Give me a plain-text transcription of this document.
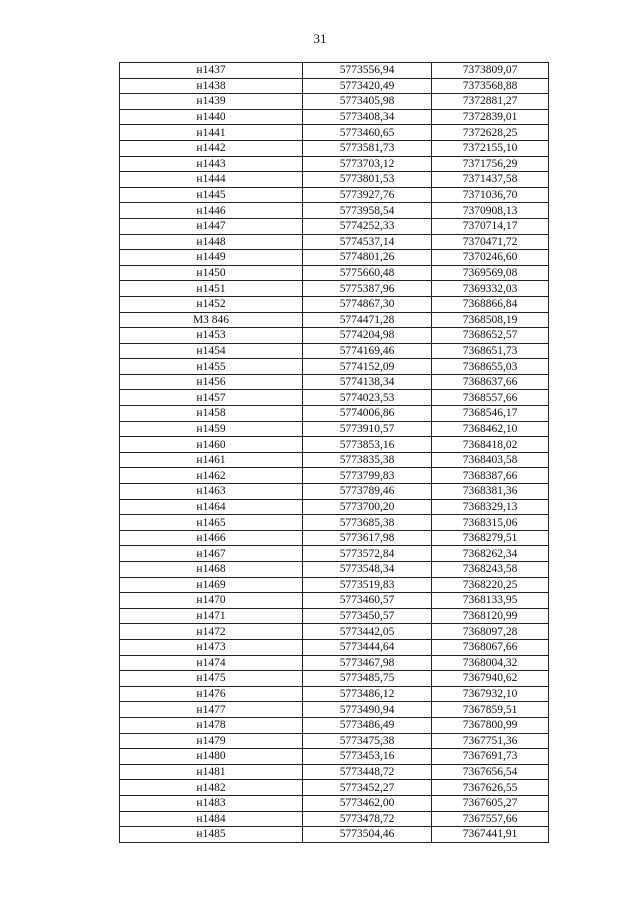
31
н1437	5773556,94	7373809,07
н1438	5773420,49	7373568,88
н1439	5773405,98	7372881,27
н1440	5773408,34	7372839,01
н1441	5773460,65	7372628,25
н1442	5773581,73	7372155,10
н1443	5773703,12	7371756,29
н1444	5773801,53	7371437,58
н1445	5773927,76	7371036,70
н1446	5773958,54	7370908,13
н1447	5774252,33	7370714,17
н1448	5774537,14	7370471,72
н1449	5774801,26	7370246,60
н1450	5775660,48	7369569,08
н1451	5775387,96	7369332,03
н1452	5774867,30	7368866,84
МЗ 846	5774471,28	7368508,19
н1453	5774204,98	7368652,57
н1454	5774169,46	7368651,73
н1455	5774152,09	7368655,03
н1456	5774138,34	7368637,66
н1457	5774023,53	7368557,66
н1458	5774006,86	7368546,17
н1459	5773910,57	7368462,10
н1460	5773853,16	7368418,02
н1461	5773835,38	7368403,58
н1462	5773799,83	7368387,66
н1463	5773789,46	7368381,36
н1464	5773700,20	7368329,13
н1465	5773685,38	7368315,06
н1466	5773617,98	7368279,51
н1467	5773572,84	7368262,34
н1468	5773548,34	7368243,58
н1469	5773519,83	7368220,25
н1470	5773460,57	7368133,95
н1471	5773450,57	7368120,99
н1472	5773442,05	7368097,28
н1473	5773444,64	7368067,66
н1474	5773467,98	7368004,32
н1475	5773485,75	7367940,62
н1476	5773486,12	7367932,10
н1477	5773490,94	7367859,51
н1478	5773486,49	7367800,99
н1479	5773475,38	7367751,36
н1480	5773453,16	7367691,73
н1481	5773448,72	7367656,54
н1482	5773452,27	7367626,55
н1483	5773462,00	7367605,27
н1484	5773478,72	7367557,66
н1485	5773504,46	7367441,91
